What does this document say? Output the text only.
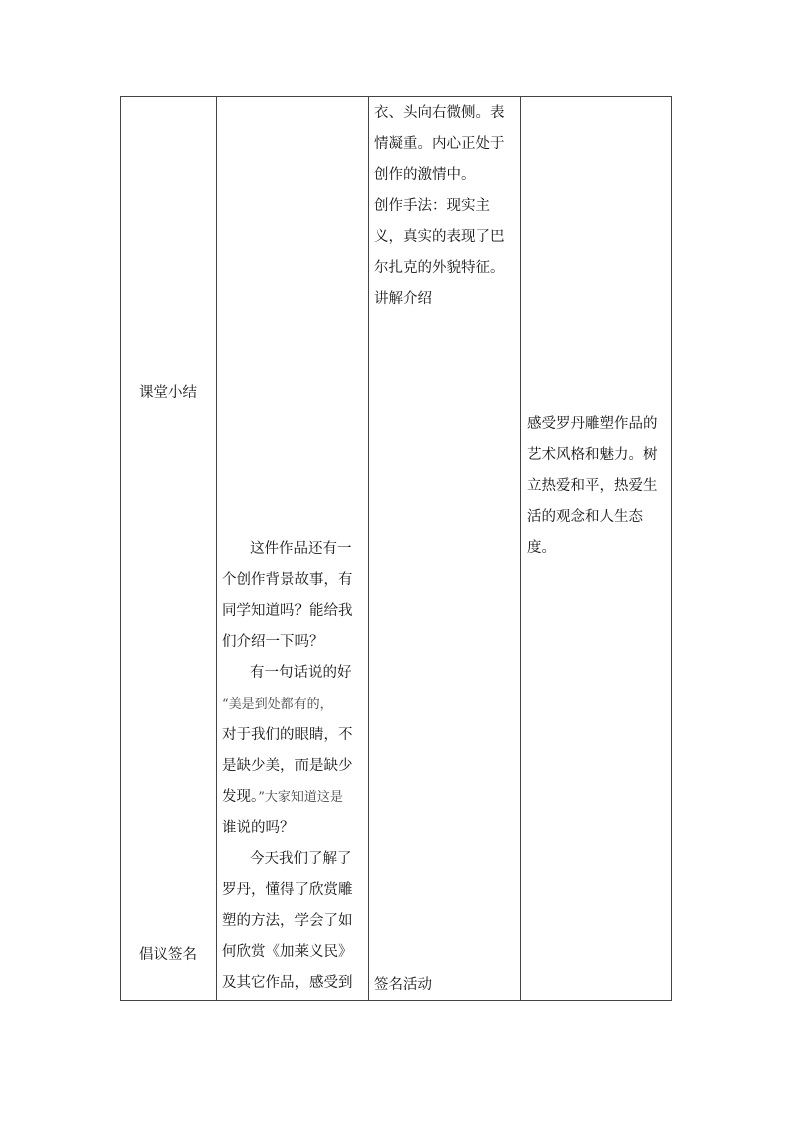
课堂小结
倡议签名
这件作品还有一
个创作背景故事，有
同学知道吗？能给我
们介绍一下吗？
有一句话说的好
“美是到处都有的，
对于我们的眼睛，不
是缺少美，而是缺少
发现。”大家知道这是
谁说的吗？
今天我们了解了
罗丹，懂得了欣赏雕
塑的方法，学会了如
何欣赏《加莱义民》
及其它作品，感受到
衣、头向右微侧。表
情凝重。内心正处于
创作的激情中。
创作手法：现实主
义，真实的表现了巴
尔扎克的外貌特征。
讲解介绍
签名活动
感受罗丹雕塑作品的
艺术风格和魅力。树
立热爱和平，热爱生
活的观念和人生态
度。
